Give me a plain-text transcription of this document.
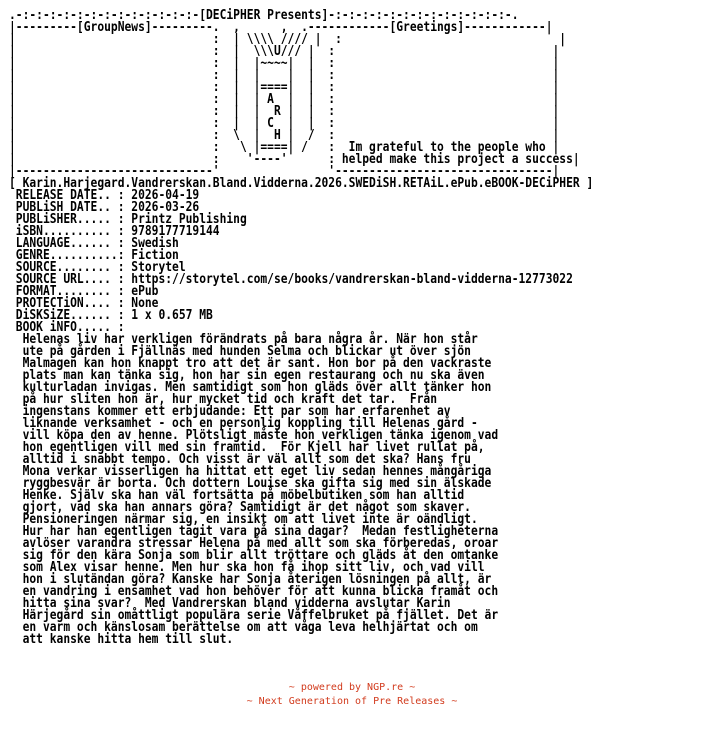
.-:-:-:-:-:-:-:-:-:-:-:-:-:-[DECiPHER Presents]-:-:-:-:-:-:-:-:-:-:-:-:-:-.
|---------[GroupNews]---------.  ,      ,  .------------[Greetings]------------|
|                             :  | \\\\ //// |  :                                |
|                             :  |  \\\U/// |  :                                |
|                             :  |  |~~~~|  |  :                                |
|                             :  |  |    |  |  :                                |
|                             :  |  |====|  |  :                                |
|                             :  |  | A  |  |  :                                |
|                             :  |  |  R |  |  :                                |
|                             :  |  | C  |  |  :                                |
|                             :  \  |  H |  /  :                                |
|                             :   \ |====| /   :  Im grateful to the people who |
|                             :    '----'      : helped make this project a success|
|-----------------------------'                '--------------------------------|
[ Karin.Harjegard.Vandrerskan.Bland.Vidderna.2026.SWEDiSH.RETAiL.ePub.eBOOK-DECiPHER ]
RELEASE DATE.. : 2026-04-19
PUBLiSH DATE.. : 2026-03-26
PUBLiSHER..... : Printz Publishing
iSBN.......... : 9789177719144
LANGUAGE...... : Swedish
GENRE..........: Fiction
SOURCE........ : Storytel
SOURCE URL.... : https://storytel.com/se/books/vandrerskan-bland-vidderna-12773022
FORMAT........ : ePub
PROTECTiON.... : None
DiSKSiZE...... : 1 x 0.657 MB
BOOK iNFO..... :
Helenas liv har verkligen förändrats på bara några år. När hon står
ute på gården i Fjällnäs med hunden Selma och blickar ut över sjön
Malmagen kan hon knappt tro att det är sant. Hon bor på den vackraste
plats man kan tänka sig, hon har sin egen restaurang och nu ska även
kulturladan invigas. Men samtidigt som hon gläds över allt tänker hon
på hur sliten hon är, hur mycket tid och kraft det tar.  Från
ingenstans kommer ett erbjudande: Ett par som har erfarenhet av
liknande verksamhet - och en personlig koppling till Helenas gård -
vill köpa den av henne. Plötsligt måste hon verkligen tänka igenom vad
hon egentligen vill med sin framtid.  För Kjell har livet rullat på,
alltid i snabbt tempo. Och visst är väl allt som det ska? Hans fru
Mona verkar visserligen ha hittat ett eget liv sedan hennes mångåriga
ryggbesvär är borta. Och dottern Louise ska gifta sig med sin älskade
Henke. Själv ska han väl fortsätta på möbelbutiken som han alltid
gjort, vad ska han annars göra? Samtidigt är det något som skaver.
Pensioneringen närmar sig, en insikt om att livet inte är oändligt.
Hur har han egentligen tagit vara på sina dagar?  Medan festligheterna
avlöser varandra stressar Helena på med allt som ska förberedas, oroar
sig för den kära Sonja som blir allt tröttare och gläds åt den omtanke
som Alex visar henne. Men hur ska hon få ihop sitt liv, och vad vill
hon i slutändan göra? Kanske har Sonja återigen lösningen på allt, är
en vandring i ensamhet vad hon behöver för att kunna blicka framåt och
hitta sina svar?  Med Vandrerskan bland vidderna avslutar Karin
Härjegård sin omåttligt populära serie Våffelbruket på fjället. Det är
en varm och känslosam berättelse om att våga leva helhjärtat och om
att kanske hitta hem till slut.
~ powered by NGP.re ~
~ Next Generation of Pre Releases ~
